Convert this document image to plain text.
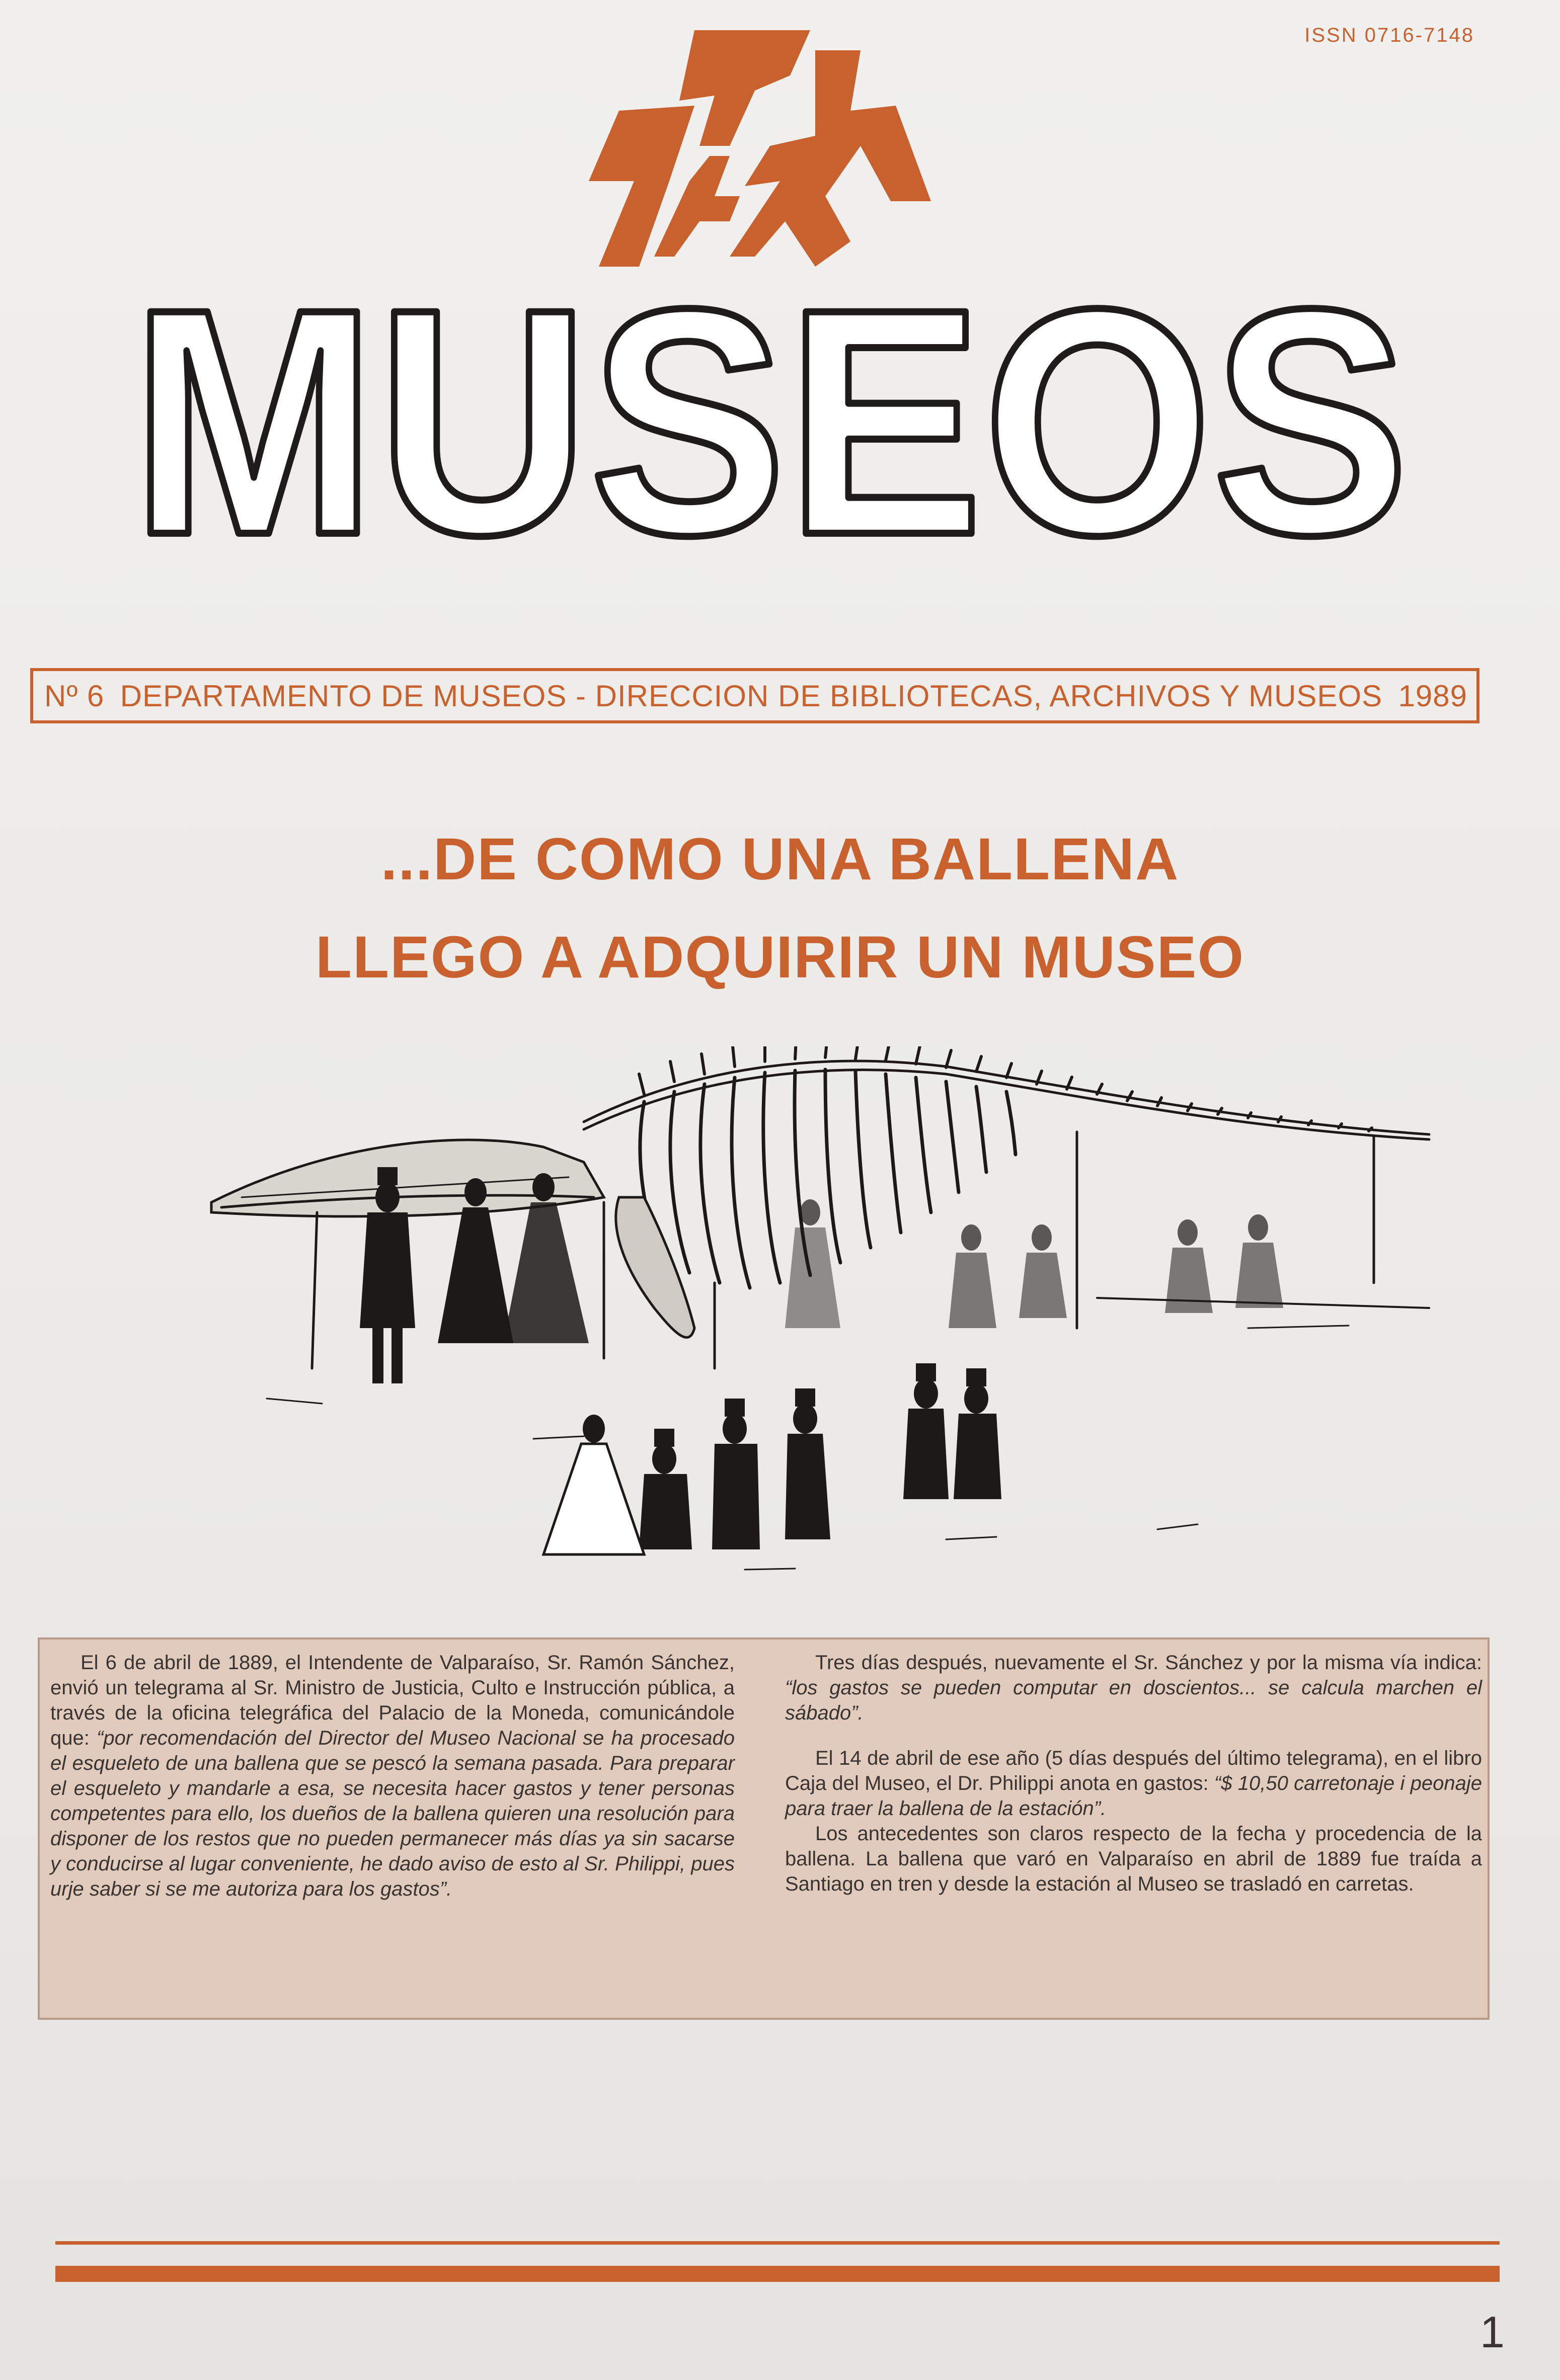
ISSN 0716-7148
MUSEOS
Nº 6 DEPARTAMENTO DE MUSEOS - DIRECCION DE BIBLIOTECAS, ARCHIVOS Y MUSEOS 1989
...DE COMO UNA BALLENA
LLEGO A ADQUIRIR UN MUSEO

El 6 de abril de 1889, el Intendente de Valparaíso, Sr. Ramón Sánchez, envió un telegrama al Sr. Ministro de Justicia, Culto e Instrucción pública, a través de la oficina telegráfica del Palacio de la Moneda, comunicándole que: “por recomendación del Director del Museo Nacional se ha procesado el esqueleto de una ballena que se pescó la semana pasada. Para preparar el esqueleto y mandarle a esa, se necesita hacer gastos y tener personas competentes para ello, los dueños de la ballena quieren una resolución para disponer de los restos que no pueden permanecer más días ya sin sacarse y conducirse al lugar conveniente, he dado aviso de esto al Sr. Philippi, pues urje saber si se me autoriza para los gastos”.

Tres días después, nuevamente el Sr. Sánchez y por la misma vía indica: “los gastos se pueden computar en doscientos... se calcula marchen el sábado”.

El 14 de abril de ese año (5 días después del último telegrama), en el libro Caja del Museo, el Dr. Philippi anota en gastos: “$ 10,50 carretonaje i peonaje para traer la ballena de la estación”.

Los antecedentes son claros respecto de la fecha y procedencia de la ballena. La ballena que varó en Valparaíso en abril de 1889 fue traída a Santiago en tren y desde la estación al Museo se trasladó en carretas.

1
